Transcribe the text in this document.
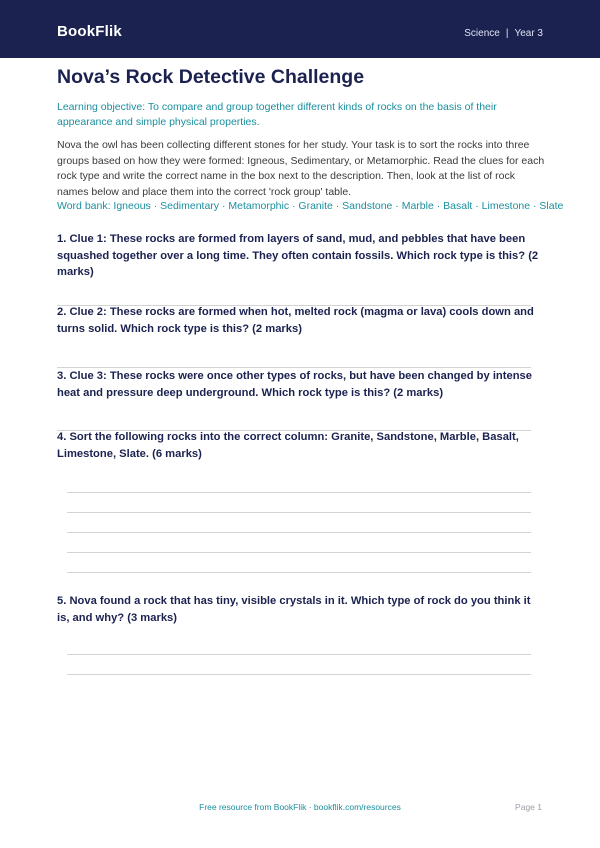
BookFlik	Science | Year 3
Nova’s Rock Detective Challenge

Learning objective: To compare and group together different kinds of rocks on the basis of their appearance and simple physical properties.

Nova the owl has been collecting different stones for her study. Your task is to sort the rocks into three groups based on how they were formed: Igneous, Sedimentary, or Metamorphic. Read the clues for each rock type and write the correct name in the box next to the description. Then, look at the list of rock names below and place them into the correct 'rock group' table.

Word bank: Igneous · Sedimentary · Metamorphic · Granite · Sandstone · Marble · Basalt · Limestone · Slate

1. Clue 1: These rocks are formed from layers of sand, mud, and pebbles that have been squashed together over a long time. They often contain fossils. Which rock type is this? (2 marks)

2. Clue 2: These rocks are formed when hot, melted rock (magma or lava) cools down and turns solid. Which rock type is this? (2 marks)

3. Clue 3: These rocks were once other types of rocks, but have been changed by intense heat and pressure deep underground. Which rock type is this? (2 marks)

4. Sort the following rocks into the correct column: Granite, Sandstone, Marble, Basalt, Limestone, Slate. (6 marks)

5. Nova found a rock that has tiny, visible crystals in it. Which type of rock do you think it is, and why? (3 marks)

Free resource from BookFlik · bookflik.com/resources	Page 1
